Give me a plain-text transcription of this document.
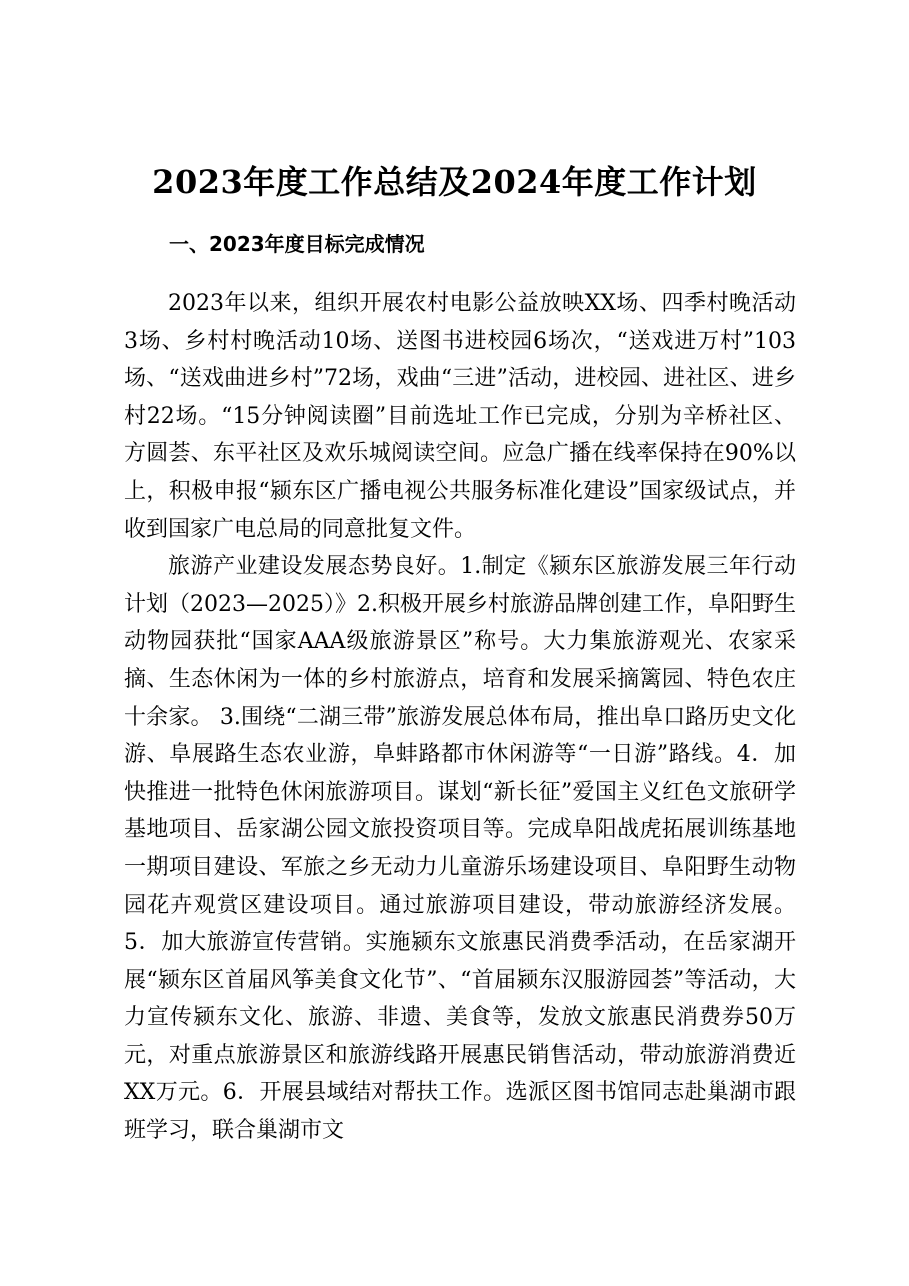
2023年度工作总结及2024年度工作计划
一、2023年度目标完成情况

2023年以来，组织开展农村电影公益放映XX场、四季村晚活动3场、乡村村晚活动10场、送图书进校园6场次，“送戏进万村”103场、“送戏曲进乡村”72场，戏曲“三进”活动，进校园、进社区、进乡村22场。“15分钟阅读圈”目前选址工作已完成，分别为辛桥社区、方圆荟、东平社区及欢乐城阅读空间。应急广播在线率保持在90%以上，积极申报“颍东区广播电视公共服务标准化建设”国家级试点，并收到国家广电总局的同意批复文件。

旅游产业建设发展态势良好。1.制定《颍东区旅游发展三年行动计划（2023—2025）》2.积极开展乡村旅游品牌创建工作，阜阳野生动物园获批“国家AAA级旅游景区”称号。大力集旅游观光、农家采摘、生态休闲为一体的乡村旅游点，培育和发展采摘篱园、特色农庄十余家。 3.围绕“二湖三带”旅游发展总体布局，推出阜口路历史文化游、阜展路生态农业游，阜蚌路都市休闲游等“一日游”路线。4．加快推进一批特色休闲旅游项目。谋划“新长征”爱国主义红色文旅研学基地项目、岳家湖公园文旅投资项目等。完成阜阳战虎拓展训练基地一期项目建设、军旅之乡无动力儿童游乐场建设项目、阜阳野生动物园花卉观赏区建设项目。通过旅游项目建设，带动旅游经济发展。5．加大旅游宣传营销。实施颍东文旅惠民消费季活动，在岳家湖开展“颍东区首届风筝美食文化节”、“首届颍东汉服游园荟”等活动，大力宣传颍东文化、旅游、非遗、美食等，发放文旅惠民消费券50万元，对重点旅游景区和旅游线路开展惠民销售活动，带动旅游消费近XX万元。6．开展县域结对帮扶工作。选派区图书馆同志赴巢湖市跟班学习，联合巢湖市文
